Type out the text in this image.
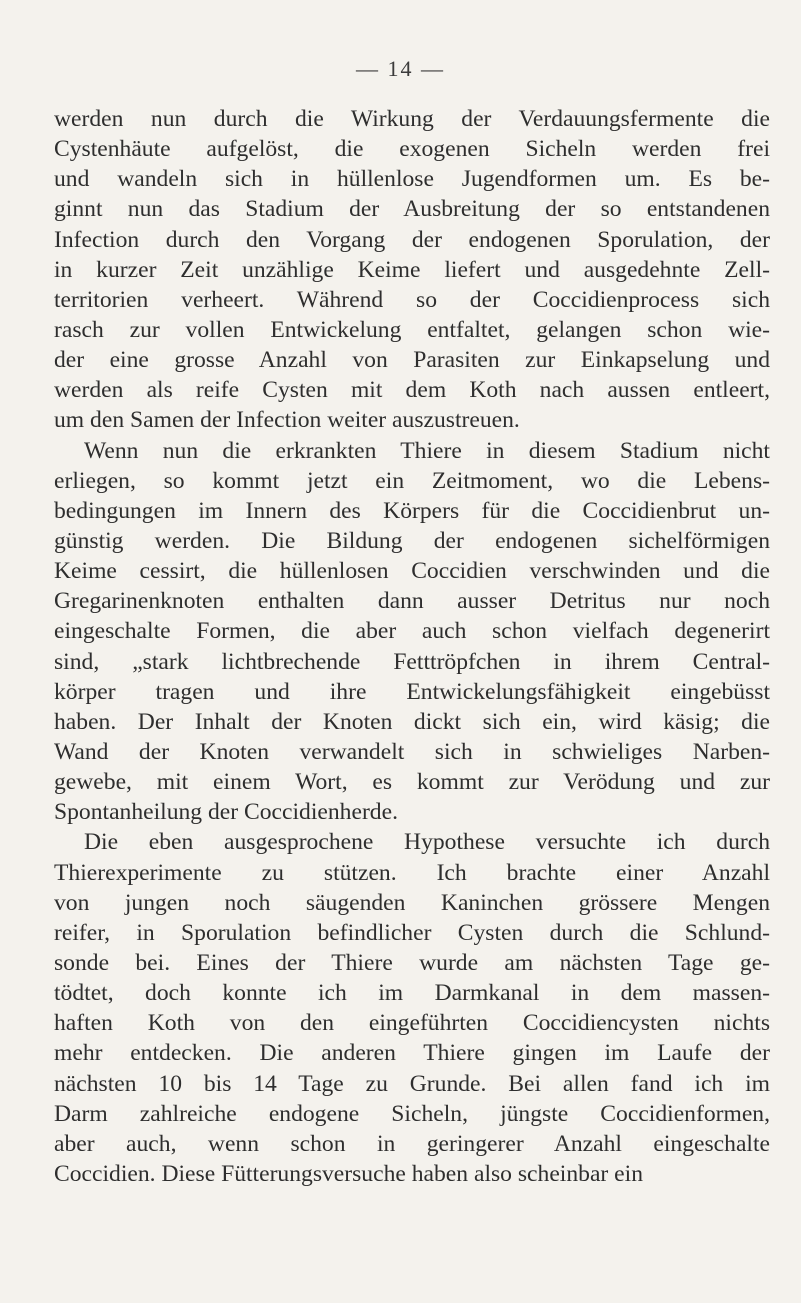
— 14 —
werden nun durch die Wirkung der Verdauungsfermente die
Cystenhäute aufgelöst, die exogenen Sicheln werden frei
und wandeln sich in hüllenlose Jugendformen um. Es be-
ginnt nun das Stadium der Ausbreitung der so entstandenen
Infection durch den Vorgang der endogenen Sporulation, der
in kurzer Zeit unzählige Keime liefert und ausgedehnte Zell-
territorien verheert. Während so der Coccidienprocess sich
rasch zur vollen Entwickelung entfaltet, gelangen schon wie-
der eine grosse Anzahl von Parasiten zur Einkapselung und
werden als reife Cysten mit dem Koth nach aussen entleert,
um den Samen der Infection weiter auszustreuen.
Wenn nun die erkrankten Thiere in diesem Stadium nicht
erliegen, so kommt jetzt ein Zeitmoment, wo die Lebens-
bedingungen im Innern des Körpers für die Coccidienbrut un-
günstig werden. Die Bildung der endogenen sichelförmigen
Keime cessirt, die hüllenlosen Coccidien verschwinden und die
Gregarinenknoten enthalten dann ausser Detritus nur noch
eingeschalte Formen, die aber auch schon vielfach degenerirt
sind, „stark lichtbrechende Fetttröpfchen in ihrem Central-
körper tragen und ihre Entwickelungsfähigkeit eingebüsst
haben. Der Inhalt der Knoten dickt sich ein, wird käsig; die
Wand der Knoten verwandelt sich in schwieliges Narben-
gewebe, mit einem Wort, es kommt zur Verödung und zur
Spontanheilung der Coccidienherde.
Die eben ausgesprochene Hypothese versuchte ich durch
Thierexperimente zu stützen. Ich brachte einer Anzahl
von jungen noch säugenden Kaninchen grössere Mengen
reifer, in Sporulation befindlicher Cysten durch die Schlund-
sonde bei. Eines der Thiere wurde am nächsten Tage ge-
tödtet, doch konnte ich im Darmkanal in dem massen-
haften Koth von den eingeführten Coccidiencysten nichts
mehr entdecken. Die anderen Thiere gingen im Laufe der
nächsten 10 bis 14 Tage zu Grunde. Bei allen fand ich im
Darm zahlreiche endogene Sicheln, jüngste Coccidienformen,
aber auch, wenn schon in geringerer Anzahl eingeschalte
Coccidien. Diese Fütterungsversuche haben also scheinbar ein
